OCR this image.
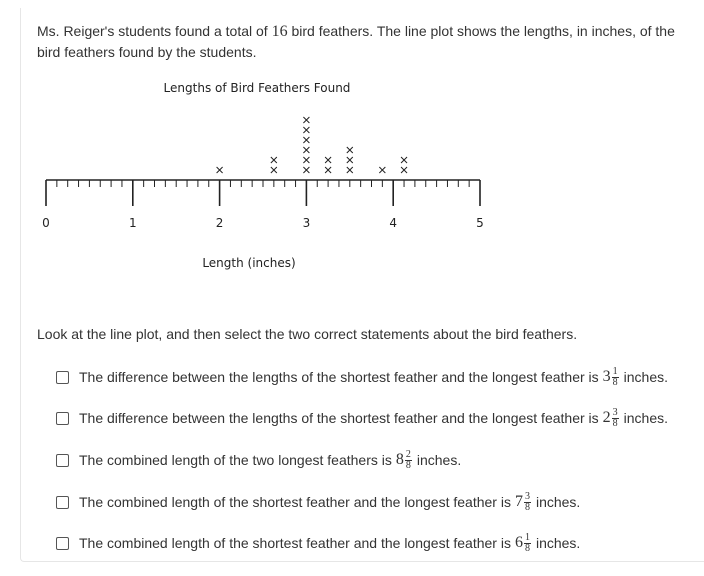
Ms. Reiger's students found a total of 16 bird feathers. The line plot shows the lengths, in inches, of the bird feathers found by the students.
Lengths of Bird Feathers Found
0	1	2	3	4	5
Length (inches)
Look at the line plot, and then select the two correct statements about the bird feathers.
The difference between the lengths of the shortest feather and the longest feather is $3 \frac{1}{8}$ inches.
The difference between the lengths of the shortest feather and the longest feather is $2 \frac{3}{8}$ inches.
The combined length of the two longest feathers is $8 \frac{2}{8}$ inches.
The combined length of the shortest feather and the longest feather is $7 \frac{3}{8}$ inches.
The combined length of the shortest feather and the longest feather is $6 \frac{1}{8}$ inches.
